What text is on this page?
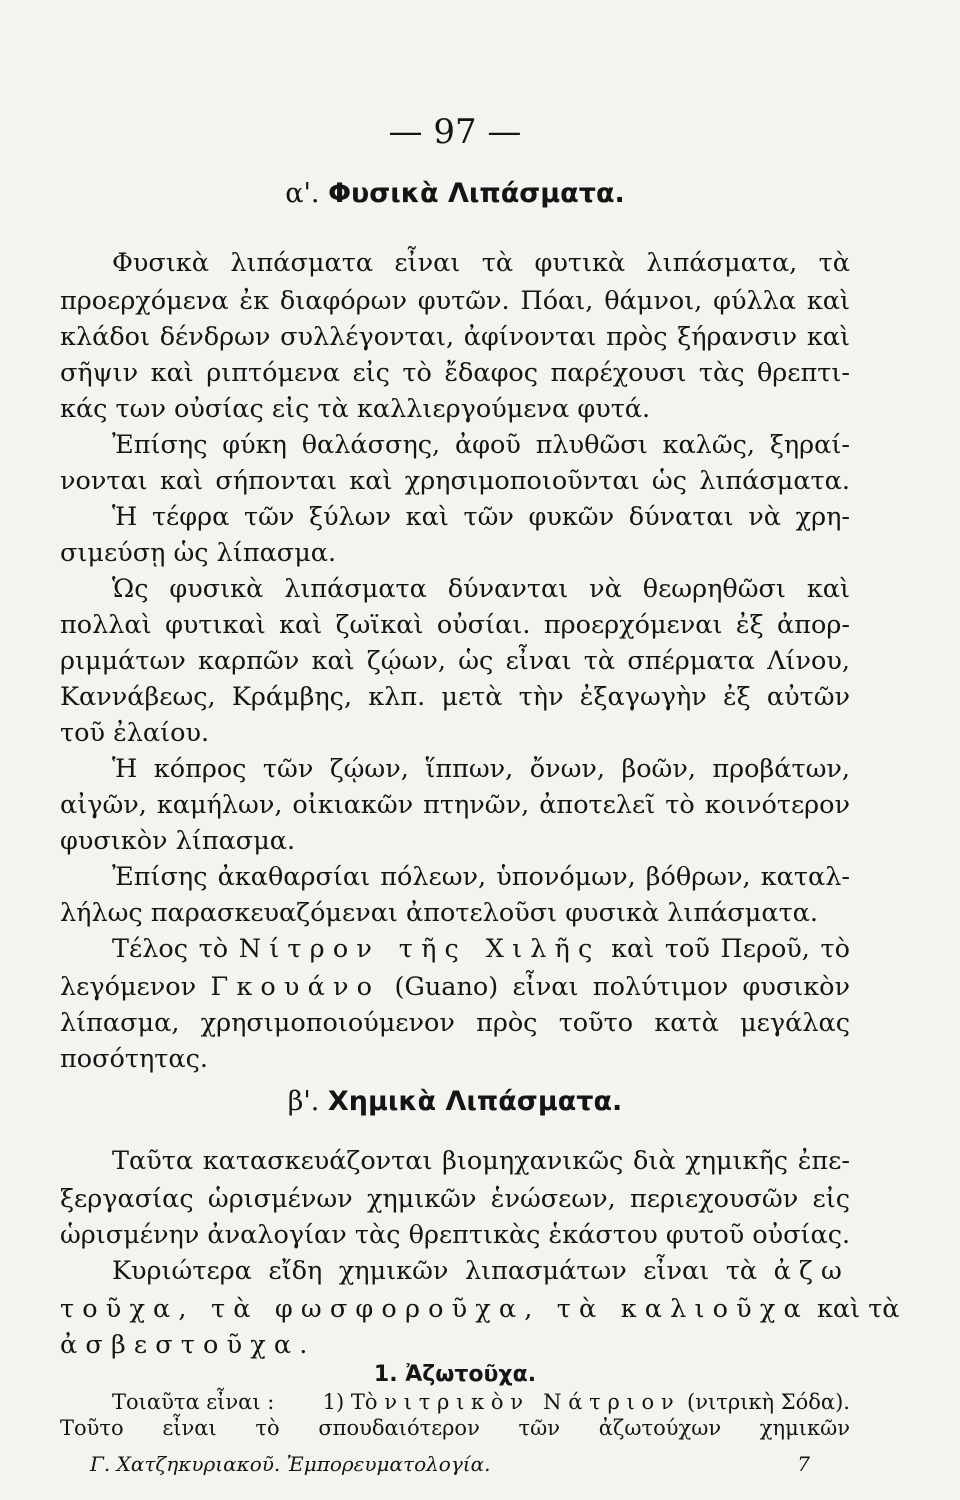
— 97 —
α'. Φυσικὰ Λιπάσματα.
Φυσικὰ λιπάσματα εἶναι τὰ φυτικὰ λιπάσματα, τὰ
προερχόμενα ἐκ διαφόρων φυτῶν. Πόαι, θάμνοι, φύλλα καὶ
κλάδοι δένδρων συλλέγονται, ἀφίνονται πρὸς ξήρανσιν καὶ
σῆψιν καὶ ριπτόμενα εἰς τὸ ἔδαφος παρέχουσι τὰς θρεπτι-
κάς των οὐσίας εἰς τὰ καλλιεργούμενα φυτά.
Ἐπίσης φύκη θαλάσσης, ἀφοῦ πλυθῶσι καλῶς, ξηραί-
νονται καὶ σήπονται καὶ χρησιμοποιοῦνται ὡς λιπάσματα.
Ἡ τέφρα τῶν ξύλων καὶ τῶν φυκῶν δύναται νὰ χρη-
σιμεύσῃ ὡς λίπασμα.
Ὡς φυσικὰ λιπάσματα δύνανται νὰ θεωρηθῶσι καὶ
πολλαὶ φυτικαὶ καὶ ζωϊκαὶ οὐσίαι. προερχόμεναι ἐξ ἀπορ-
ριμμάτων καρπῶν καὶ ζῴων, ὡς εἶναι τὰ σπέρματα Λίνου,
Καννάβεως, Κράμβης, κλπ. μετὰ τὴν ἐξαγωγὴν ἐξ αὐτῶν
τοῦ ἐλαίου.
Ἡ κόπρος τῶν ζῴων, ἵππων, ὄνων, βοῶν, προβάτων,
αἰγῶν, καμήλων, οἰκιακῶν πτηνῶν, ἀποτελεῖ τὸ κοινότερον
φυσικὸν λίπασμα.
Ἐπίσης ἀκαθαρσίαι πόλεων, ὑπονόμων, βόθρων, καταλ-
λήλως παρασκευαζόμεναι ἀποτελοῦσι φυσικὰ λιπάσματα.
Τέλος τὸ Νίτρον τῆς Χιλῆς καὶ τοῦ Περοῦ, τὸ
λεγόμενον Γκουάνο (Guano) εἶναι πολύτιμον φυσικὸν
λίπασμα, χρησιμοποιούμενον πρὸς τοῦτο κατὰ μεγάλας
ποσότητας.
β'. Χημικὰ Λιπάσματα.
Ταῦτα κατασκευάζονται βιομηχανικῶς διὰ χημικῆς ἐπε-
ξεργασίας ὡρισμένων χημικῶν ἑνώσεων, περιεχουσῶν εἰς
ὡρισμένην ἀναλογίαν τὰς θρεπτικὰς ἑκάστου φυτοῦ οὐσίας.
Κυριώτερα εἴδη χημικῶν λιπασμάτων εἶναι τὰ ἀζω
τοῦχα, τὰ φωσφοροῦχα, τὰ καλιοῦχα καὶ τὰ
ἀσβεστοῦχα.
1. Ἀζωτοῦχα.
Τοιαῦτα εἶναι :
Γ. Χατζηκυριακοῦ. Ἐμπορευματολογία.	7
1) Τὸ νιτρικὸν Νάτριον (νιτρικὴ Σόδα).
Τοῦτο εἶναι τὸ σπουδαιότερον τῶν ἀζωτούχων χημικῶν
